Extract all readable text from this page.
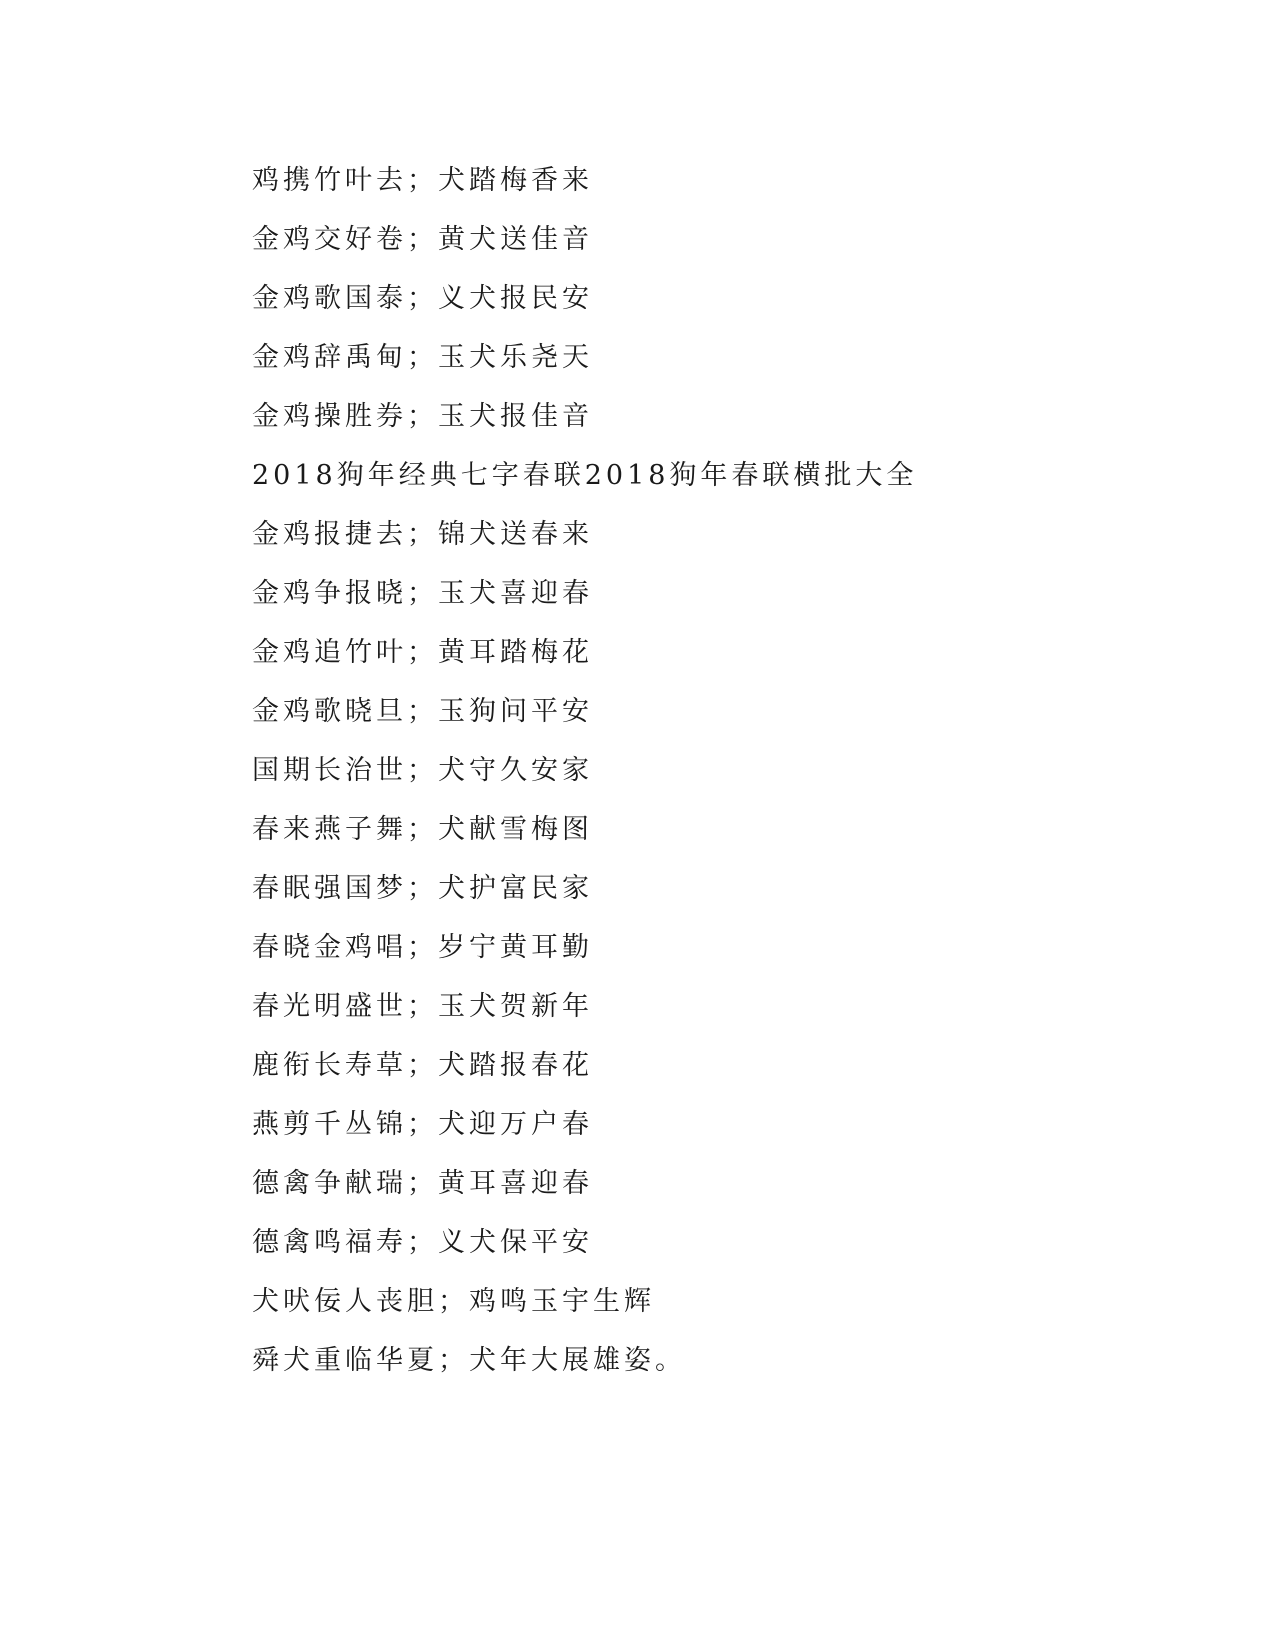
鸡携竹叶去；犬踏梅香来
金鸡交好卷；黄犬送佳音
金鸡歌国泰；义犬报民安
金鸡辞禹甸；玉犬乐尧天
金鸡操胜券；玉犬报佳音
2018狗年经典七字春联2018狗年春联横批大全
金鸡报捷去；锦犬送春来
金鸡争报晓；玉犬喜迎春
金鸡追竹叶；黄耳踏梅花
金鸡歌晓旦；玉狗问平安
国期长治世；犬守久安家
春来燕子舞；犬献雪梅图
春眠强国梦；犬护富民家
春晓金鸡唱；岁宁黄耳勤
春光明盛世；玉犬贺新年
鹿衔长寿草；犬踏报春花
燕剪千丛锦；犬迎万户春
德禽争献瑞；黄耳喜迎春
德禽鸣福寿；义犬保平安
犬吠佞人丧胆；鸡鸣玉宇生辉
舜犬重临华夏；犬年大展雄姿。
